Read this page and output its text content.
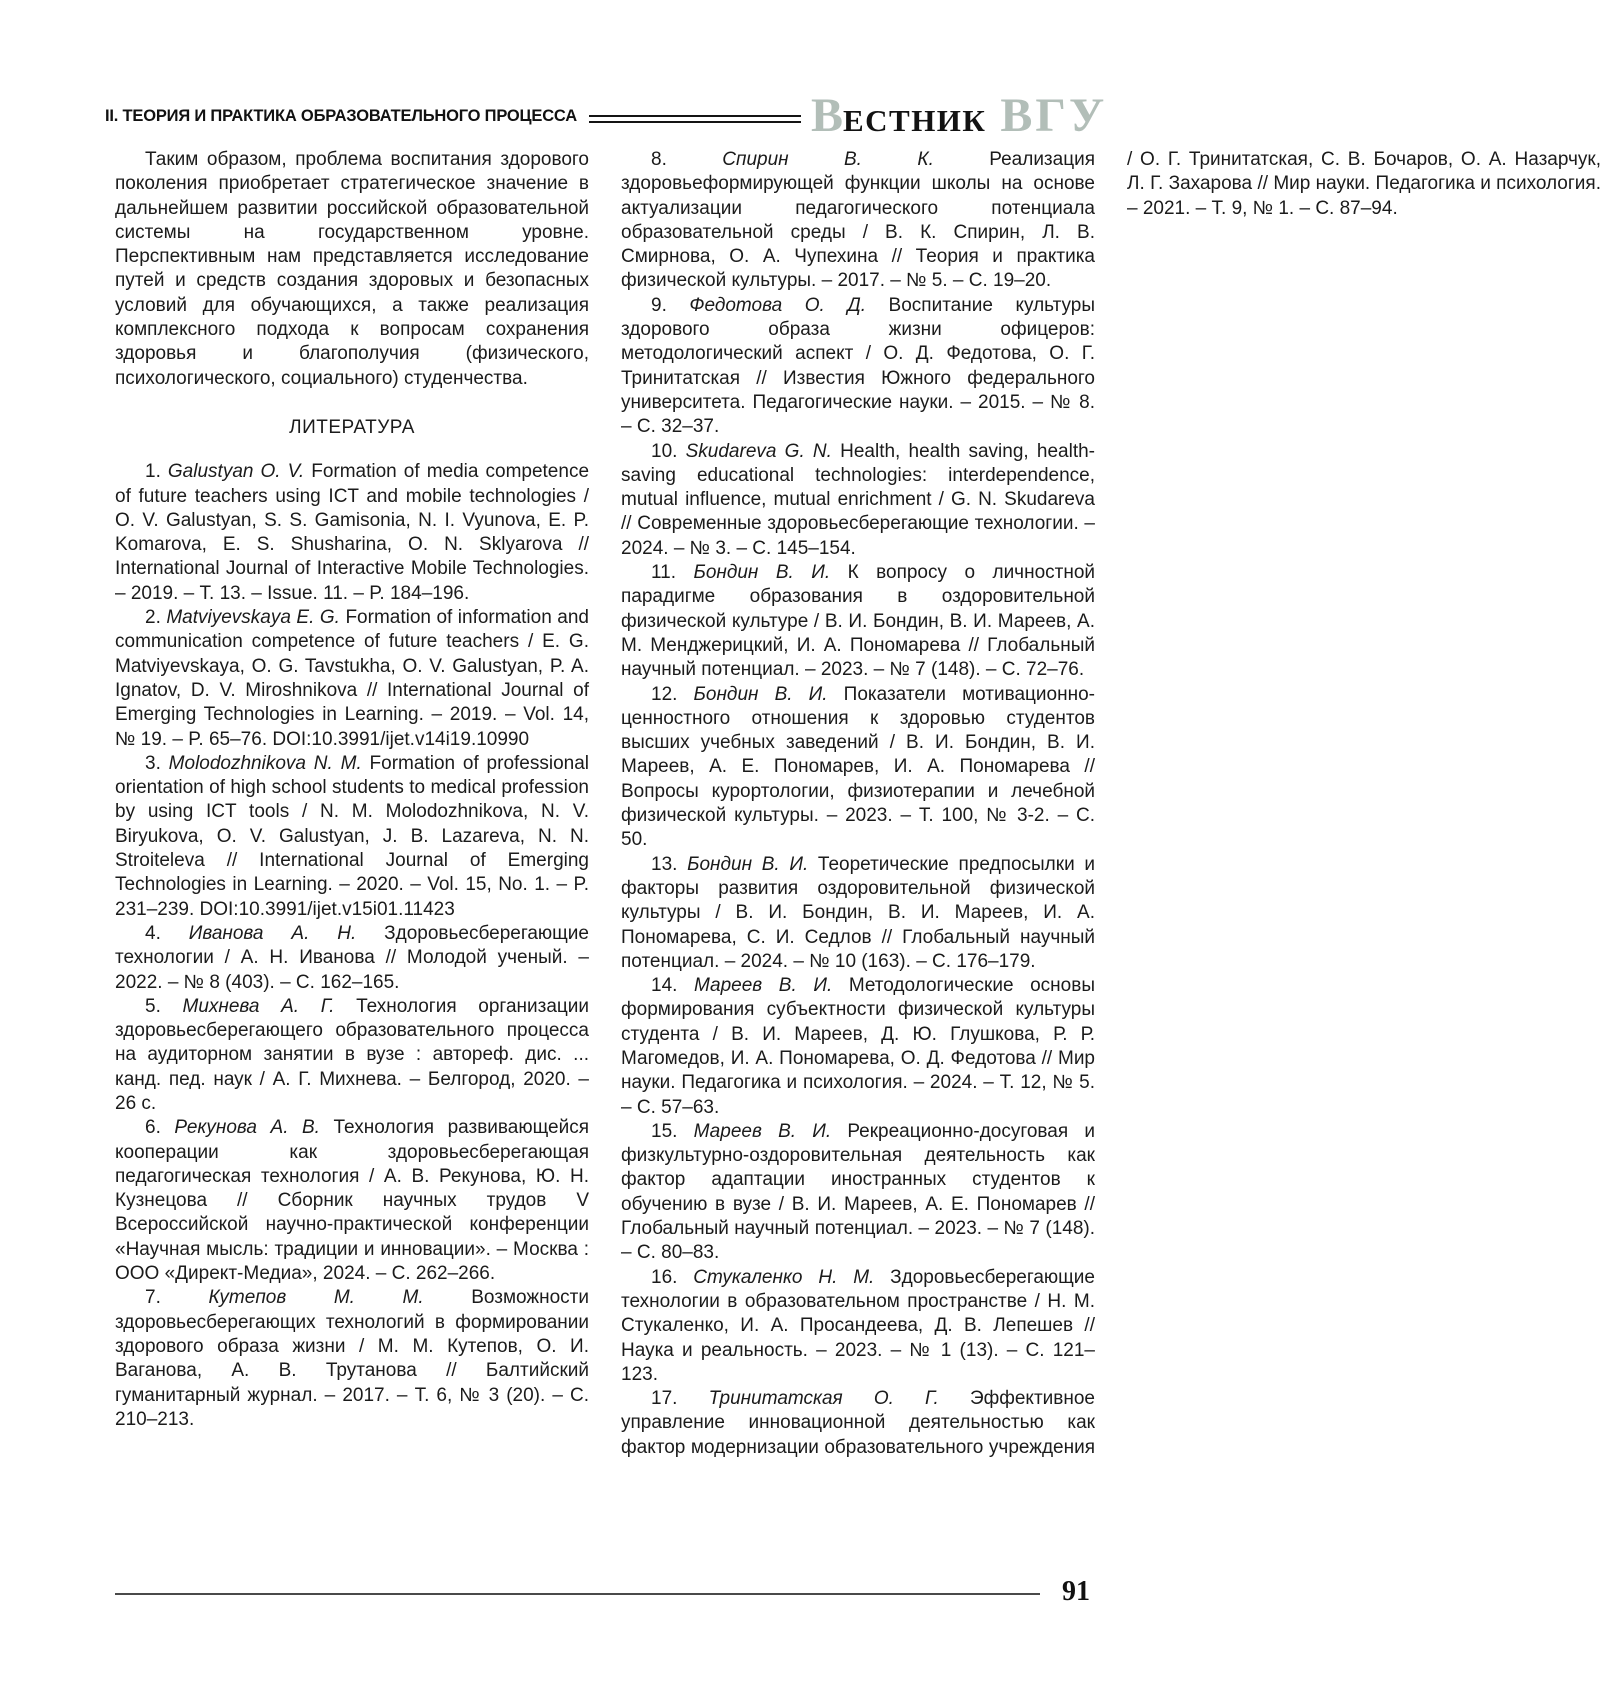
II. ТЕОРИЯ И ПРАКТИКА ОБРАЗОВАТЕЛЬНОГО ПРОЦЕССА	В ЕСТНИК ВГУ

Таким образом, проблема воспитания здорового поколения приобретает стратегическое значение в дальнейшем развитии российской образовательной системы на государственном уровне. Перспективным нам представляется исследование путей и средств создания здоровых и безопасных условий для обучающихся, а также реализация комплексного подхода к вопросам сохранения здоровья и благополучия (физического, психологического, социального) студенчества.

ЛИТЕРАТУРА

1. Galustyan O. V. Formation of media competence of future teachers using ICT and mobile technologies / O. V. Galustyan, S. S. Gamisonia, N. I. Vyunova, E. P. Komarova, E. S. Shusharina, O. N. Sklyarova // International Journal of Interactive Mobile Technologies. – 2019. – Т. 13. – Issue. 11. – P. 184–196.

2. Matviyevskaya E. G. Formation of information and communication competence of future teachers / E. G. Matviyevskaya, O. G. Tavstukha, O. V. Galustyan, P. A. Ignatov, D. V. Miroshnikova // International Journal of Emerging Technologies in Learning. – 2019. – Vol. 14, № 19. – P. 65–76. DOI:10.3991/ijet.v14i19.10990

3. Molodozhnikova N. M. Formation of professional orientation of high school students to medical profession by using ICT tools / N. M. Molodozhnikova, N. V. Biryukova, O. V. Galustyan, J. B. Lazareva, N. N. Stroiteleva // International Journal of Emerging Technologies in Learning. – 2020. – Vol. 15, No. 1. – P. 231–239. DOI:10.3991/ijet.v15i01.11423

4. Иванова А. Н. Здоровьесберегающие технологии / А. Н. Иванова // Молодой ученый. – 2022. – № 8 (403). – С. 162–165.

5. Михнева А. Г. Технология организации здоровьесберегающего образовательного процесса на аудиторном занятии в вузе : автореф. дис. ... канд. пед. наук / А. Г. Михнева. – Белгород, 2020. – 26 с.

6. Рекунова А. В. Технология развивающейся кооперации как здоровьесберегающая педагогическая технология / А. В. Рекунова, Ю. Н. Кузнецова // Сборник научных трудов V Всероссийской научно-практической конференции «Научная мысль: традиции и инновации». – Москва : ООО «Директ-Медиа», 2024. – С. 262–266.

7. Кутепов М. М. Возможности здоровьесберегающих технологий в формировании здорового образа жизни / М. М. Кутепов, О. И. Ваганова, А. В. Трутанова // Балтийский гуманитарный журнал. – 2017. – Т. 6, № 3 (20). – С. 210–213.

8. Спирин В. К. Реализация здоровьеформирующей функции школы на основе актуализации педагогического потенциала образовательной среды / В. К. Спирин, Л. В. Смирнова, О. А. Чупехина // Теория и практика физической культуры. – 2017. – № 5. – С. 19–20.

9. Федотова О. Д. Воспитание культуры здорового образа жизни офицеров: методологический аспект / О. Д. Федотова, О. Г. Тринитатская // Известия Южного федерального университета. Педагогические науки. – 2015. – № 8. – С. 32–37.

10. Skudareva G. N. Health, health saving, health-saving educational technologies: interdependence, mutual influence, mutual enrichment / G. N. Skudareva // Современные здоровьесберегающие технологии. – 2024. – № 3. – С. 145–154.

11. Бондин В. И. К вопросу о личностной парадигме образования в оздоровительной физической культуре / В. И. Бондин, В. И. Мареев, А. М. Менджерицкий, И. А. Пономарева // Глобальный научный потенциал. – 2023. – № 7 (148). – С. 72–76.

12. Бондин В. И. Показатели мотивационно-ценностного отношения к здоровью студентов высших учебных заведений / В. И. Бондин, В. И. Мареев, А. Е. Пономарев, И. А. Пономарева // Вопросы курортологии, физиотерапии и лечебной физической культуры. – 2023. – Т. 100, № 3-2. – С. 50.

13. Бондин В. И. Теоретические предпосылки и факторы развития оздоровительной физической культуры / В. И. Бондин, В. И. Мареев, И. А. Пономарева, С. И. Седлов // Глобальный научный потенциал. – 2024. – № 10 (163). – С. 176–179.

14. Мареев В. И. Методологические основы формирования субъектности физической культуры студента / В. И. Мареев, Д. Ю. Глушкова, Р. Р. Магомедов, И. А. Пономарева, О. Д. Федотова // Мир науки. Педагогика и психология. – 2024. – Т. 12, № 5. – С. 57–63.

15. Мареев В. И. Рекреационно-досуговая и физкультурно-оздоровительная деятельность как фактор адаптации иностранных студентов к обучению в вузе / В. И. Мареев, А. Е. Пономарев // Глобальный научный потенциал. – 2023. – № 7 (148). – С. 80–83.

16. Стукаленко Н. М. Здоровьесберегающие технологии в образовательном пространстве / Н. М. Стукаленко, И. А. Просандеева, Д. В. Лепешев // Наука и реальность. – 2023. – № 1 (13). – С. 121–123.

17. Тринитатская О. Г. Эффективное управление инновационной деятельностью как фактор модернизации образовательного учреждения / О. Г. Тринитатская, С. В. Бочаров, О. А. Назарчук, Л. Г. Захарова // Мир науки. Педагогика и психология. – 2021. – Т. 9, № 1. – С. 87–94.

91
